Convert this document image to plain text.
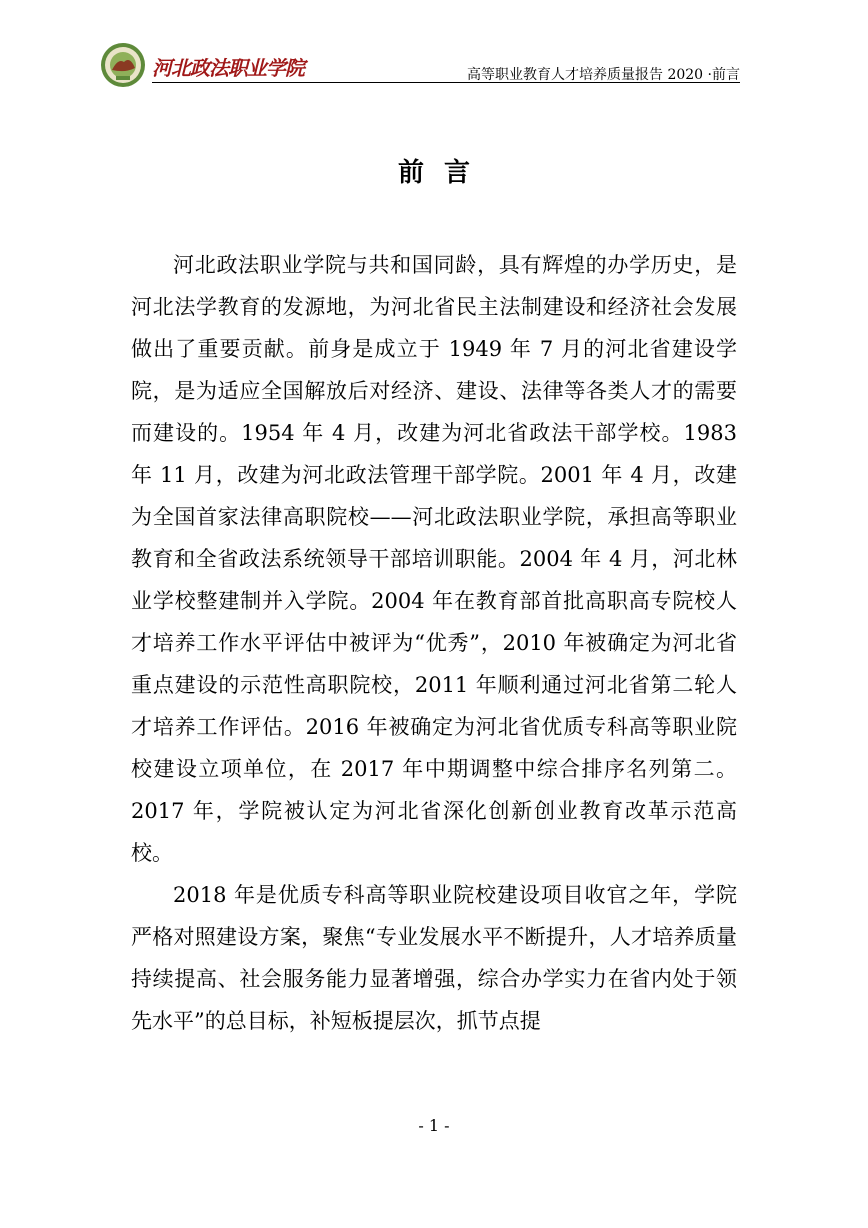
河北政法职业学院	高等职业教育人才培养质量报告 2020 ·前言
前言

河北政法职业学院与共和国同龄，具有辉煌的办学历史，是河北法学教育的发源地，为河北省民主法制建设和经济社会发展做出了重要贡献。前身是成立于 1949 年 7 月的河北省建设学院，是为适应全国解放后对经济、建设、法律等各类人才的需要而建设的。1954 年 4 月，改建为河北省政法干部学校。1983 年 11 月，改建为河北政法管理干部学院。2001 年 4 月，改建为全国首家法律高职院校——河北政法职业学院，承担高等职业教育和全省政法系统领导干部培训职能。2004 年 4 月，河北林业学校整建制并入学院。2004 年在教育部首批高职高专院校人才培养工作水平评估中被评为“优秀”，2010 年被确定为河北省重点建设的示范性高职院校，2011 年顺利通过河北省第二轮人才培养工作评估。2016 年被确定为河北省优质专科高等职业院校建设立项单位，在 2017 年中期调整中综合排序名列第二。2017 年，学院被认定为河北省深化创新创业教育改革示范高校。

2018 年是优质专科高等职业院校建设项目收官之年，学院严格对照建设方案，聚焦“专业发展水平不断提升，人才培养质量持续提高、社会服务能力显著增强，综合办学实力在省内处于领先水平”的总目标，补短板提层次，抓节点提

- 1 -
